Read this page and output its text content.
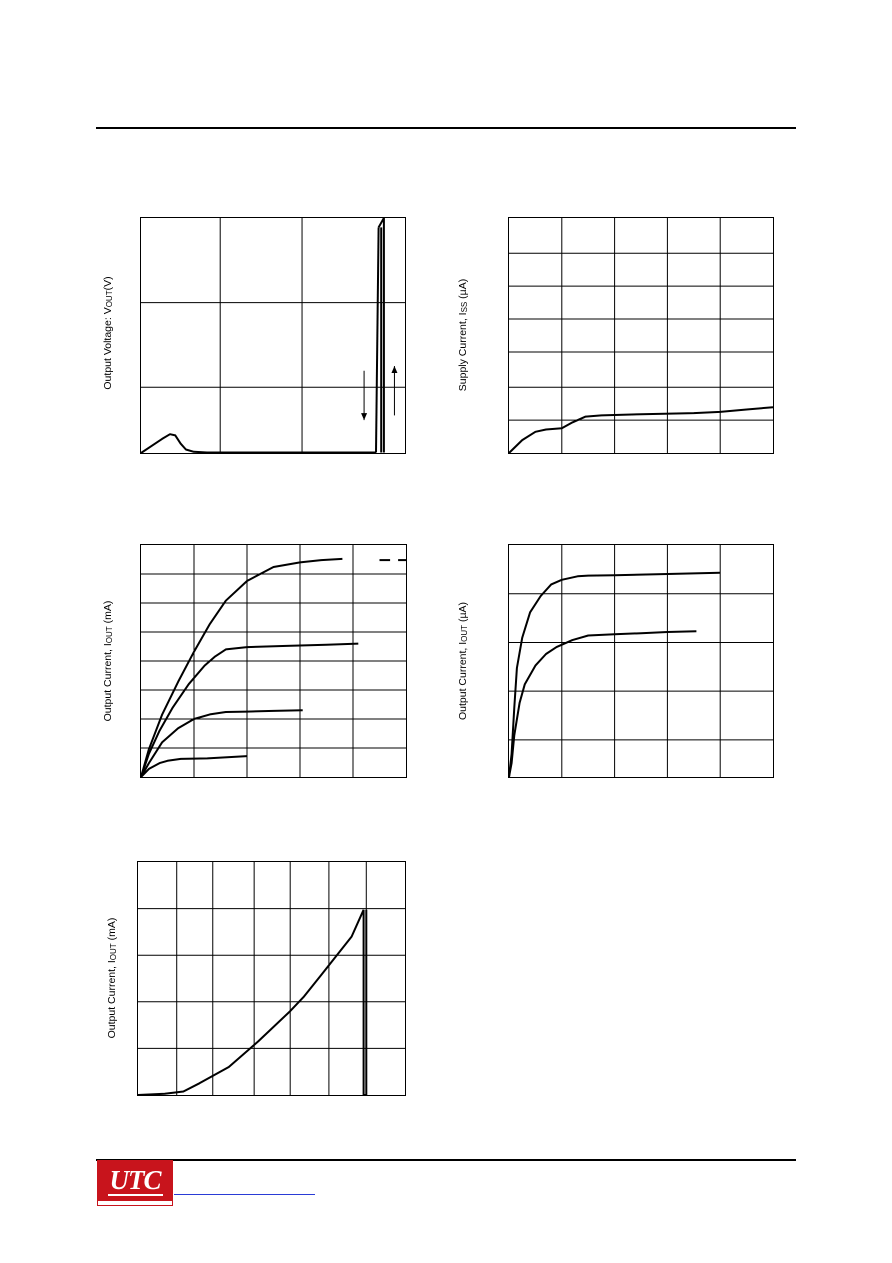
Output Voltage: $V_{OUT}(V)$
Supply Current, $I_{SS}$ (µA)
Output Current, $I_{OUT}$ (mA)
Output Current, $I_{OUT}$ (µA)
Output Current, $I_{OUT}$ (mA)
UTC
